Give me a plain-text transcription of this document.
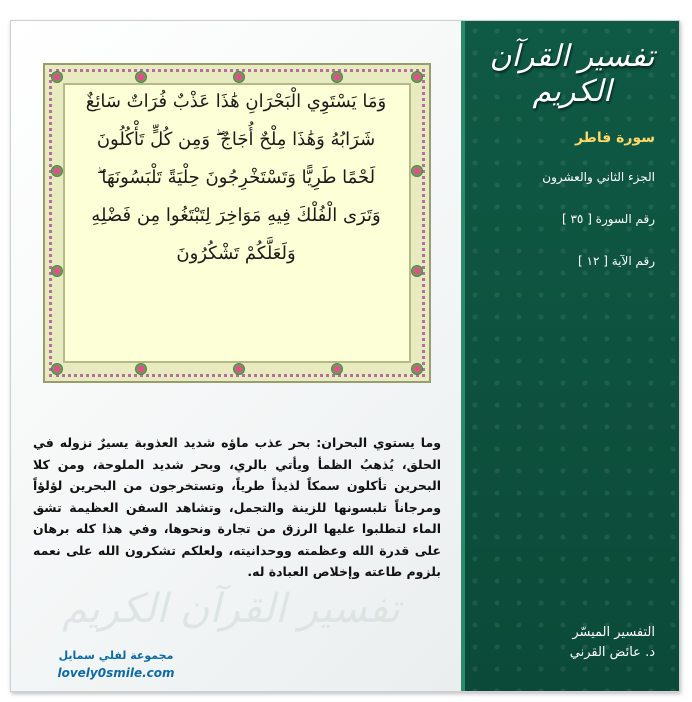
وَمَا يَسْتَوِي الْبَحْرَانِ هَٰذَا عَذْبٌ فُرَاتٌ سَائِغٌ
شَرَابُهُ وَهَٰذَا مِلْحٌ أُجَاجٌ ۖ وَمِن كُلٍّ تَأْكُلُونَ
لَحْمًا طَرِيًّا وَتَسْتَخْرِجُونَ حِلْيَةً تَلْبَسُونَهَا ۖ
وَتَرَى الْفُلْكَ فِيهِ مَوَاخِرَ لِتَبْتَغُوا مِن فَضْلِهِ
وَلَعَلَّكُمْ تَشْكُرُونَ
وما يستوي البحران: بحر عذب ماؤه شديد العذوبة يسيرٌ نزوله في الحلق، يُذهبُ الظمأ ويأتي بالري، وبحر شديد الملوحة، ومن كلا البحرين تأكلون سمكاً لذيذاً طرياً، وتستخرجون من البحرين لؤلؤاً ومرجاناً تلبسونها للزينة والتجمل، وتشاهد السفن العظيمة تشق الماء لتطلبوا عليها الرزق من تجارة ونحوها، وفي هذا كله برهان على قدرة الله وعظمته ووحدانيته، ولعلكم تشكرون الله على نعمه بلزوم طاعته وإخلاص العبادة له.
تفسير القرآن الكريم
مجموعة لفلي سمايل
lovely0smile.com
تفسير القرآن الكريم
سورة فاطر
الجزء الثاني والعشرون
رقم السورة [ ٣٥ ]
رقم الآية [ ١٢ ]
التفسير الميسّر
د. عائض القرني
